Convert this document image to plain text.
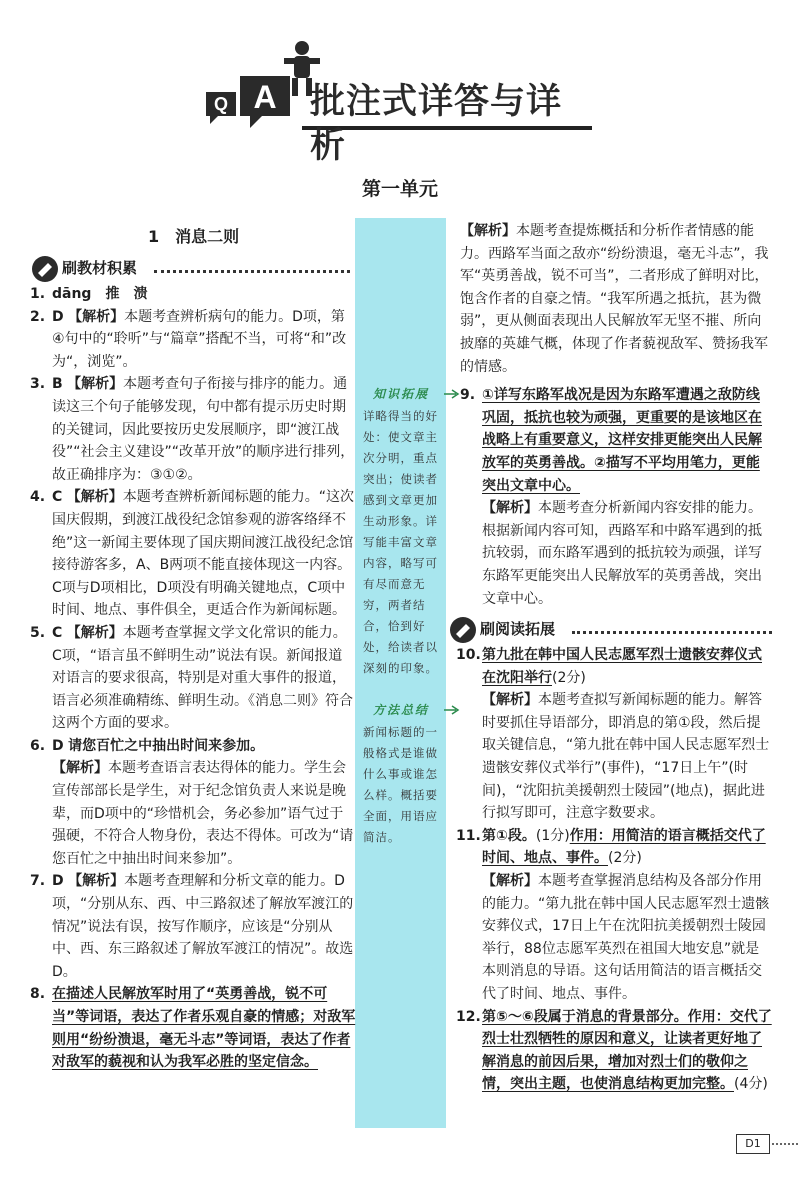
Q A 批注式详答与详析
第一单元
1　消息二则
知识拓展
详略得当的好处：使文章主次分明，重点突出；使读者感到文章更加生动形象。详写能丰富文章内容，略写可有尽而意无穷，两者结合，恰到好处，给读者以深刻的印象。
方法总结
新闻标题的一般格式是谁做什么事或谁怎么样。概括要全面，用语应简洁。
刷教材积累
刷阅读拓展
1. dāng　推　溃
2. D 【解析】本题考查辨析病句的能力。D项，第④句中的“聆听”与“篇章”搭配不当，可将“和”改为“，浏览”。
3. B 【解析】本题考查句子衔接与排序的能力。通读这三个句子能够发现，句中都有提示历史时期的关键词，因此要按历史发展顺序，即“渡江战役”“社会主义建设”“改革开放”的顺序进行排列，故正确排序为：③①②。
4. C 【解析】本题考查辨析新闻标题的能力。“这次国庆假期，到渡江战役纪念馆参观的游客络绎不绝”这一新闻主要体现了国庆期间渡江战役纪念馆接待游客多，A、B两项不能直接体现这一内容。C项与D项相比，D项没有明确关键地点，C项中时间、地点、事件俱全，更适合作为新闻标题。
5. C 【解析】本题考查掌握文学文化常识的能力。C项，“语言虽不鲜明生动”说法有误。新闻报道对语言的要求很高，特别是对重大事件的报道，语言必须准确精练、鲜明生动。《消息二则》符合这两个方面的要求。
6. D 请您百忙之中抽出时间来参加。
【解析】本题考查语言表达得体的能力。学生会宣传部部长是学生，对于纪念馆负责人来说是晚辈，而D项中的“珍惜机会，务必参加”语气过于强硬，不符合人物身份，表达不得体。可改为“请您百忙之中抽出时间来参加”。
7. D 【解析】本题考查理解和分析文章的能力。D项，“分别从东、西、中三路叙述了解放军渡江的情况”说法有误，按写作顺序，应该是“分别从中、西、东三路叙述了解放军渡江的情况”。故选D。
8. 在描述人民解放军时用了“英勇善战，锐不可当”等词语，表达了作者乐观自豪的情感；对敌军则用“纷纷溃退，毫无斗志”等词语，表达了作者对敌军的藐视和认为我军必胜的坚定信念。
【解析】本题考查提炼概括和分析作者情感的能力。西路军当面之敌亦“纷纷溃退，毫无斗志”，我军“英勇善战，锐不可当”，二者形成了鲜明对比，饱含作者的自豪之情。“我军所遇之抵抗，甚为微弱”，更从侧面表现出人民解放军无坚不摧、所向披靡的英雄气概，体现了作者藐视敌军、赞扬我军的情感。
9. ①详写东路军战况是因为东路军遭遇之敌防线巩固，抵抗也较为顽强，更重要的是该地区在战略上有重要意义，这样安排更能突出人民解放军的英勇善战。②描写不平均用笔力，更能突出文章中心。
【解析】本题考查分析新闻内容安排的能力。根据新闻内容可知，西路军和中路军遇到的抵抗较弱，而东路军遇到的抵抗较为顽强，详写东路军更能突出人民解放军的英勇善战，突出文章中心。
10. 第九批在韩中国人民志愿军烈士遗骸安葬仪式在沈阳举行(2分)
【解析】本题考查拟写新闻标题的能力。解答时要抓住导语部分，即消息的第①段，然后提取关键信息，“第九批在韩中国人民志愿军烈士遗骸安葬仪式举行”(事件)，“17日上午”(时间)，“沈阳抗美援朝烈士陵园”(地点)，据此进行拟写即可，注意字数要求。
11. 第①段。(1分)作用：用简洁的语言概括交代了时间、地点、事件。(2分)
【解析】本题考查掌握消息结构及各部分作用的能力。“第九批在韩中国人民志愿军烈士遗骸安葬仪式，17日上午在沈阳抗美援朝烈士陵园举行，88位志愿军英烈在祖国大地安息”就是本则消息的导语。这句话用简洁的语言概括交代了时间、地点、事件。
12. 第⑤～⑥段属于消息的背景部分。作用：交代了烈士壮烈牺牲的原因和意义，让读者更好地了解消息的前因后果，增加对烈士们的敬仰之情，突出主题，也使消息结构更加完整。(4分)
D1
